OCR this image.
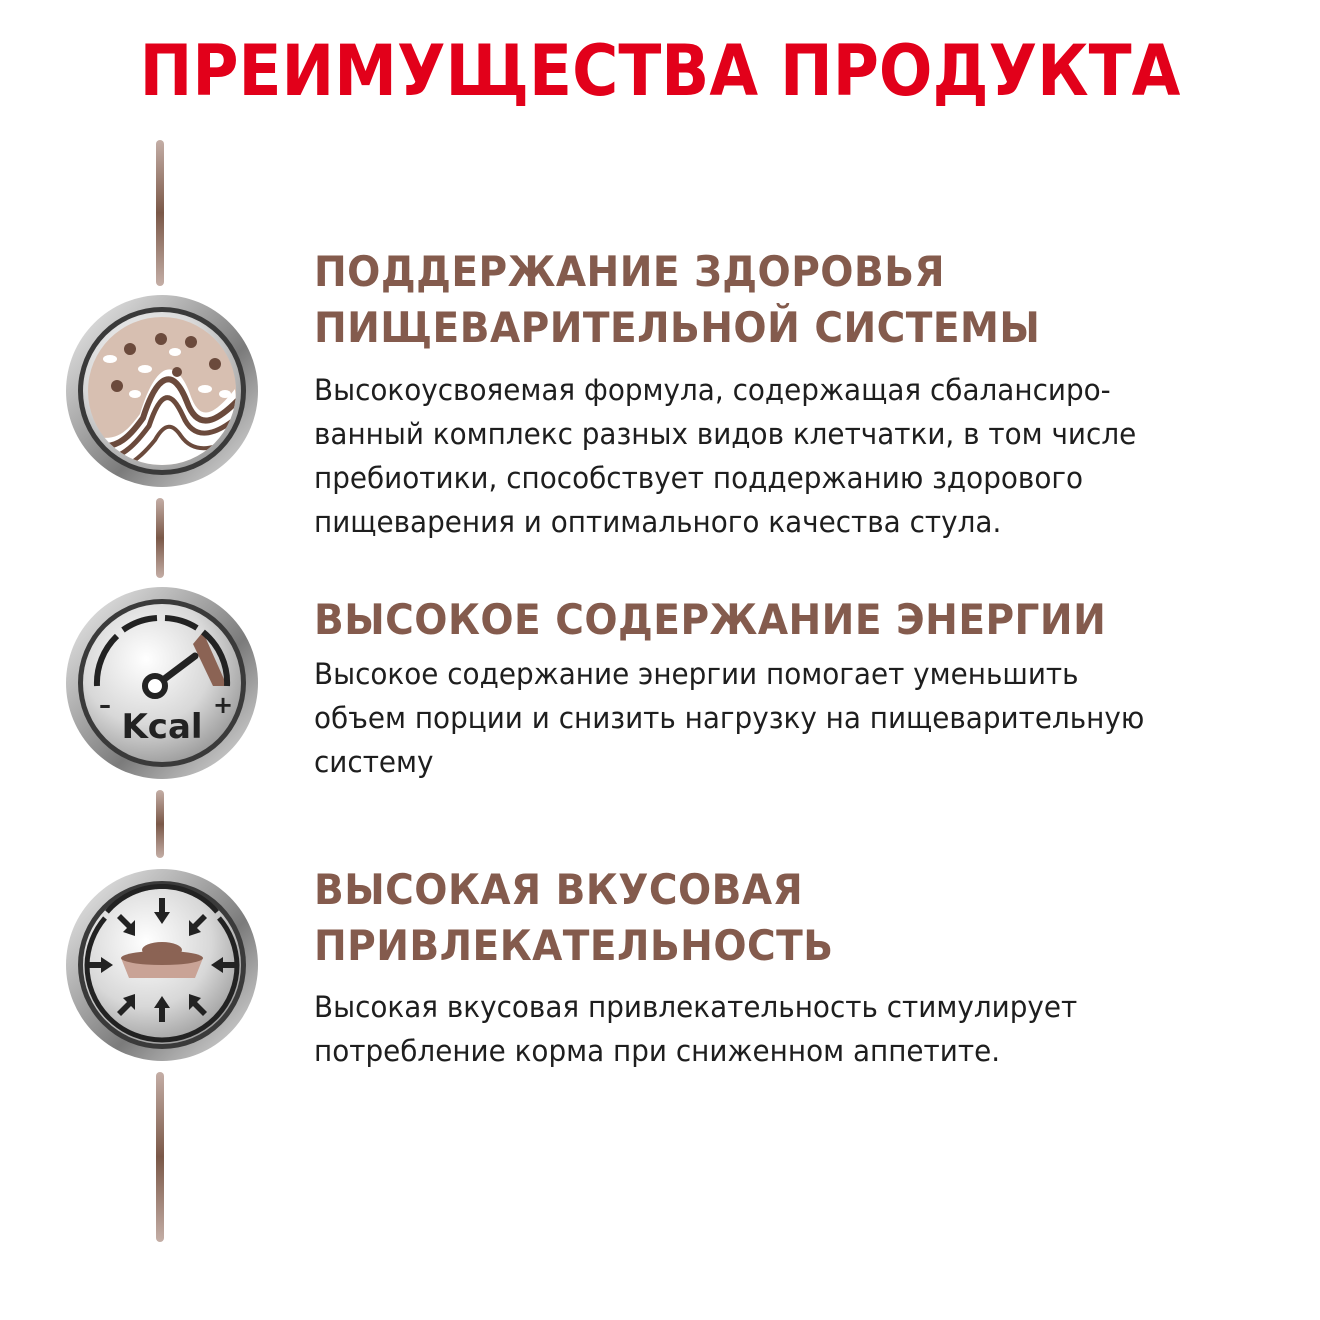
ПРЕИМУЩЕСТВА ПРОДУКТА
ПОДДЕРЖАНИЕ ЗДОРОВЬЯ
ПИЩЕВАРИТЕЛЬНОЙ СИСТЕМЫ
Высокоусвояемая формула, содержащая сбалансиро-
ванный комплекс разных видов клетчатки, в том числе
пребиотики, способствует поддержанию здорового
пищеварения и оптимального качества стула.
–	+
Kcal
ВЫСОКОЕ СОДЕРЖАНИЕ ЭНЕРГИИ
Высокое содержание энергии помогает уменьшить
объем порции и снизить нагрузку на пищеварительную
систему
ВЫСОКАЯ ВКУСОВАЯ
ПРИВЛЕКАТЕЛЬНОСТЬ
Высокая вкусовая привлекательность стимулирует
потребление корма при сниженном аппетите.
